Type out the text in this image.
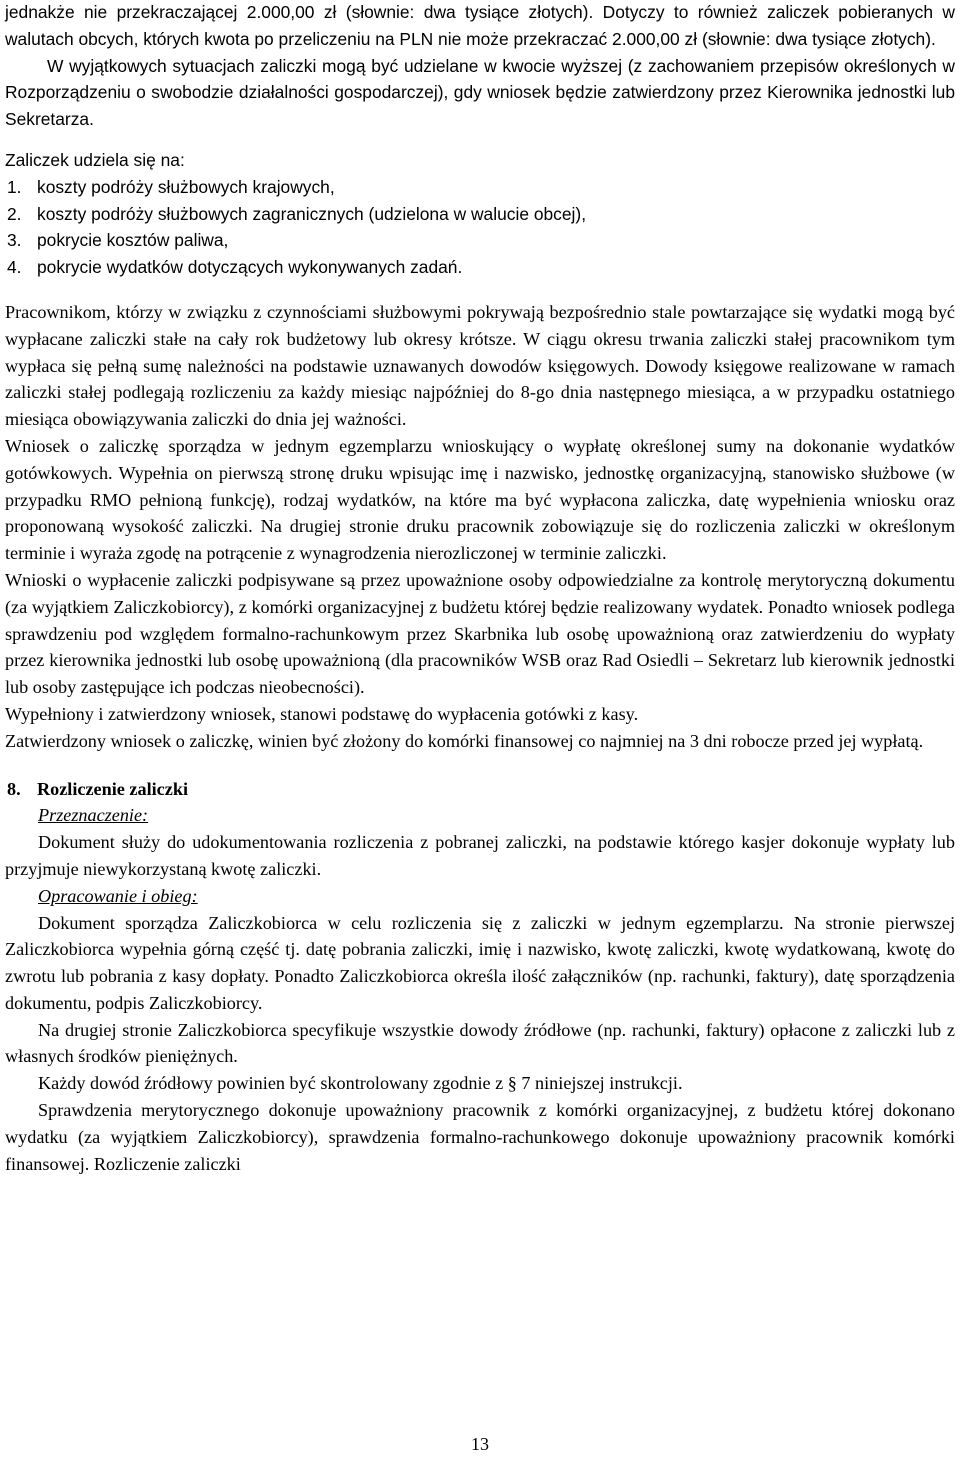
jednakże nie przekraczającej 2.000,00 zł (słownie: dwa tysiące złotych). Dotyczy to również zaliczek pobieranych w walutach obcych, których kwota po przeliczeniu na PLN nie może przekraczać 2.000,00 zł (słownie: dwa tysiące złotych).

W wyjątkowych sytuacjach zaliczki mogą być udzielane w kwocie wyższej (z zachowaniem przepisów określonych w Rozporządzeniu o swobodzie działalności gospodarczej), gdy wniosek będzie zatwierdzony przez Kierownika jednostki lub Sekretarza.

Zaliczek udziela się na:

1. koszty podróży służbowych krajowych,
2. koszty podróży służbowych zagranicznych (udzielona w walucie obcej),
3. pokrycie kosztów paliwa,
4. pokrycie wydatków dotyczących wykonywanych zadań.

Pracownikom, którzy w związku z czynnościami służbowymi pokrywają bezpośrednio stale powtarzające się wydatki mogą być wypłacane zaliczki stałe na cały rok budżetowy lub okresy krótsze. W ciągu okresu trwania zaliczki stałej pracownikom tym wypłaca się pełną sumę należności na podstawie uznawanych dowodów księgowych. Dowody księgowe realizowane w ramach zaliczki stałej podlegają rozliczeniu za każdy miesiąc najpóźniej do 8-go dnia następnego miesiąca, a w przypadku ostatniego miesiąca obowiązywania zaliczki do dnia jej ważności.

Wniosek o zaliczkę sporządza w jednym egzemplarzu wnioskujący o wypłatę określonej sumy na dokonanie wydatków gotówkowych. Wypełnia on pierwszą stronę druku wpisując imę i nazwisko, jednostkę organizacyjną, stanowisko służbowe (w przypadku RMO pełnioną funkcję), rodzaj wydatków, na które ma być wypłacona zaliczka, datę wypełnienia wniosku oraz proponowaną wysokość zaliczki. Na drugiej stronie druku pracownik zobowiązuje się do rozliczenia zaliczki w określonym terminie i wyraża zgodę na potrącenie z wynagrodzenia nierozliczonej w terminie zaliczki.

Wnioski o wypłacenie zaliczki podpisywane są przez upoważnione osoby odpowiedzialne za kontrolę merytoryczną dokumentu (za wyjątkiem Zaliczkobiorcy), z komórki organizacyjnej z budżetu której będzie realizowany wydatek. Ponadto wniosek podlega sprawdzeniu pod względem formalno-rachunkowym przez Skarbnika lub osobę upoważnioną oraz zatwierdzeniu do wypłaty przez kierownika jednostki lub osobę upoważnioną (dla pracowników WSB oraz Rad Osiedli – Sekretarz lub kierownik jednostki lub osoby zastępujące ich podczas nieobecności).

Wypełniony i zatwierdzony wniosek, stanowi podstawę do wypłacenia gotówki z kasy.

Zatwierdzony wniosek o zaliczkę, winien być złożony do komórki finansowej co najmniej na 3 dni robocze przed jej wypłatą.

8. Rozliczenie zaliczki

Przeznaczenie:

Dokument służy do udokumentowania rozliczenia z pobranej zaliczki, na podstawie którego kasjer dokonuje wypłaty lub przyjmuje niewykorzystaną kwotę zaliczki.

Opracowanie i obieg:

Dokument sporządza Zaliczkobiorca w celu rozliczenia się z zaliczki w jednym egzemplarzu. Na stronie pierwszej Zaliczkobiorca wypełnia górną część tj. datę pobrania zaliczki, imię i nazwisko, kwotę zaliczki, kwotę wydatkowaną, kwotę do zwrotu lub pobrania z kasy dopłaty. Ponadto Zaliczkobiorca określa ilość załączników (np. rachunki, faktury), datę sporządzenia dokumentu, podpis Zaliczkobiorcy.

Na drugiej stronie Zaliczkobiorca specyfikuje wszystkie dowody źródłowe (np. rachunki, faktury) opłacone z zaliczki lub z własnych środków pieniężnych.

Każdy dowód źródłowy powinien być skontrolowany zgodnie z § 7 niniejszej instrukcji.

Sprawdzenia merytorycznego dokonuje upoważniony pracownik z komórki organizacyjnej, z budżetu której dokonano wydatku (za wyjątkiem Zaliczkobiorcy), sprawdzenia formalno-rachunkowego dokonuje upoważniony pracownik komórki finansowej. Rozliczenie zaliczki

13
